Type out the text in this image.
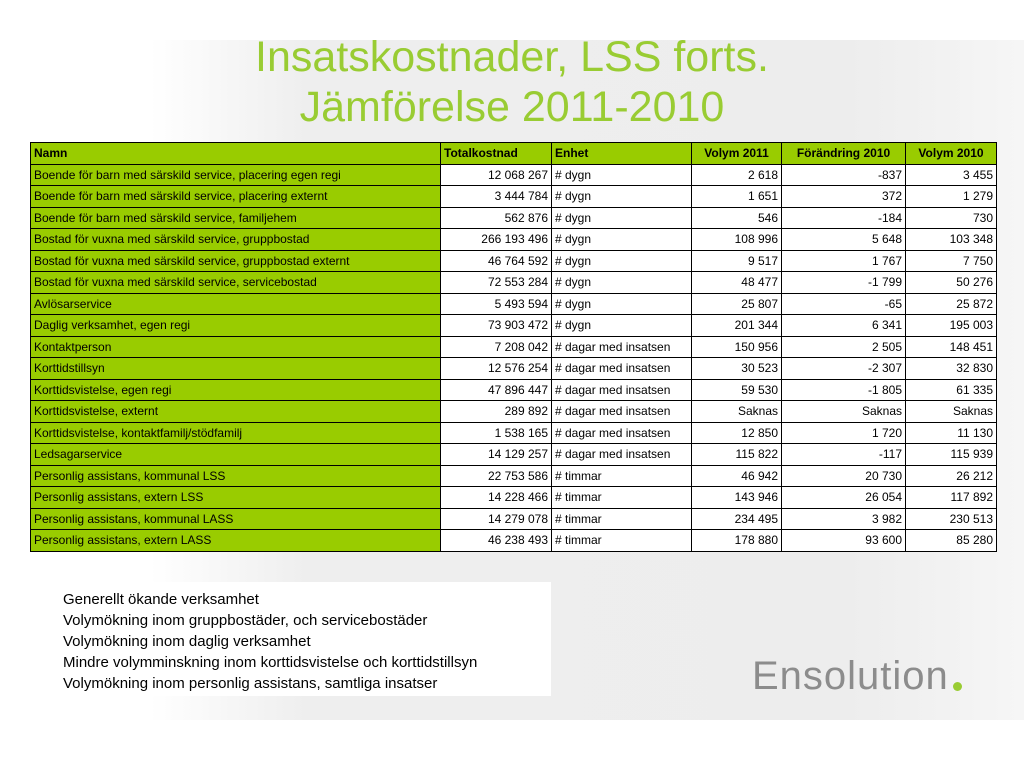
Insatskostnader, LSS forts.
Jämförelse 2011-2010
Namn	Totalkostnad	Enhet	Volym 2011	Förändring 2010	Volym 2010
Boende för barn med särskild service, placering egen regi	12 068 267	# dygn	2 618	-837	3 455
Boende för barn med särskild service, placering externt	3 444 784	# dygn	1 651	372	1 279
Boende för barn med särskild service, familjehem	562 876	# dygn	546	-184	730
Bostad för vuxna med särskild service, gruppbostad	266 193 496	# dygn	108 996	5 648	103 348
Bostad för vuxna med särskild service, gruppbostad externt	46 764 592	# dygn	9 517	1 767	7 750
Bostad för vuxna med särskild service, servicebostad	72 553 284	# dygn	48 477	-1 799	50 276
Avlösarservice	5 493 594	# dygn	25 807	-65	25 872
Daglig verksamhet, egen regi	73 903 472	# dygn	201 344	6 341	195 003
Kontaktperson	7 208 042	# dagar med insatsen	150 956	2 505	148 451
Korttidstillsyn	12 576 254	# dagar med insatsen	30 523	-2 307	32 830
Korttidsvistelse, egen regi	47 896 447	# dagar med insatsen	59 530	-1 805	61 335
Korttidsvistelse, externt	289 892	# dagar med insatsen	Saknas	Saknas	Saknas
Korttidsvistelse, kontaktfamilj/stödfamilj	1 538 165	# dagar med insatsen	12 850	1 720	11 130
Ledsagarservice	14 129 257	# dagar med insatsen	115 822	-117	115 939
Personlig assistans, kommunal LSS	22 753 586	# timmar	46 942	20 730	26 212
Personlig assistans, extern LSS	14 228 466	# timmar	143 946	26 054	117 892
Personlig assistans, kommunal LASS	14 279 078	# timmar	234 495	3 982	230 513
Personlig assistans, extern LASS	46 238 493	# timmar	178 880	93 600	85 280
Generellt ökande verksamhet
Volymökning inom gruppbostäder, och servicebostäder
Volymökning inom daglig verksamhet
Mindre volymminskning inom korttidsvistelse och korttidstillsyn
Volymökning inom personlig assistans, samtliga insatser	Ensolution
